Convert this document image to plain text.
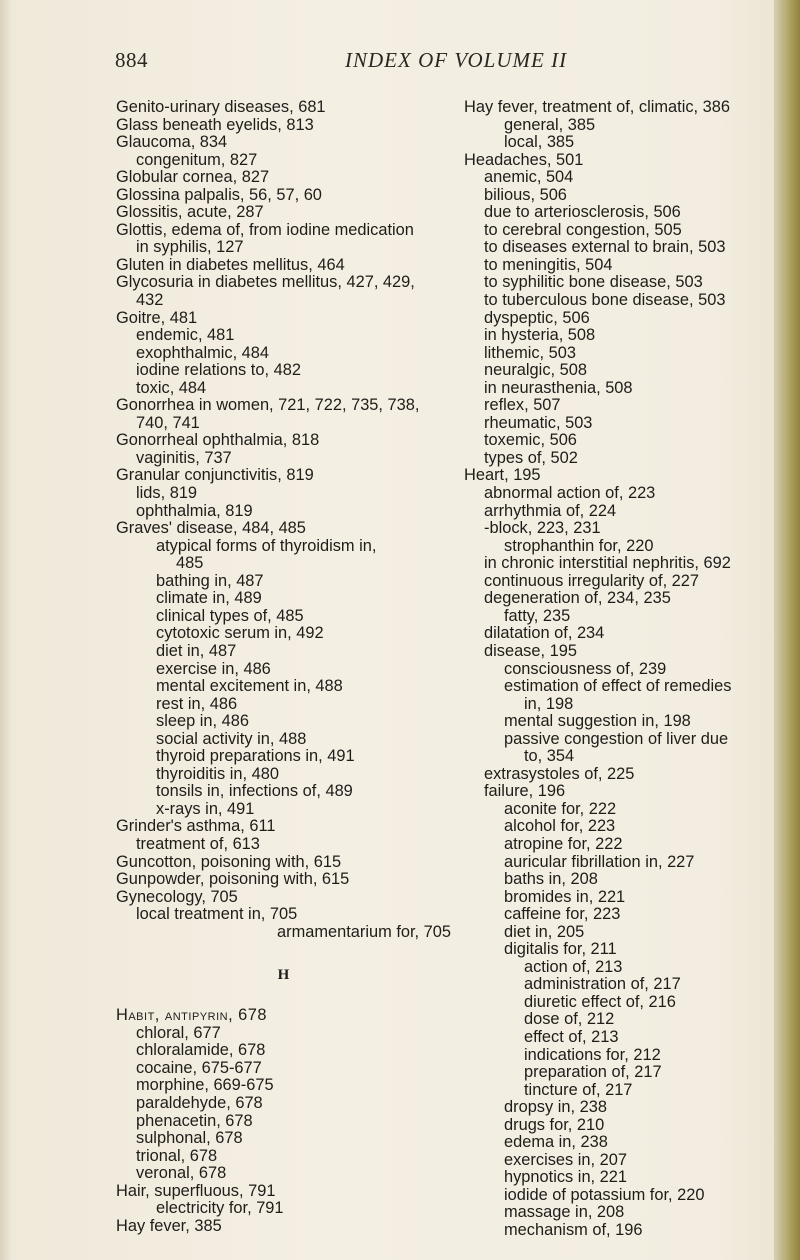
884	INDEX OF VOLUME II
Genito-urinary diseases, 681
Glass beneath eyelids, 813
Glaucoma, 834
congenitum, 827
Globular cornea, 827
Glossina palpalis, 56, 57, 60
Glossitis, acute, 287
Glottis, edema of, from iodine medication
in syphilis, 127
Gluten in diabetes mellitus, 464
Glycosuria in diabetes mellitus, 427, 429,
432
Goitre, 481
endemic, 481
exophthalmic, 484
iodine relations to, 482
toxic, 484
Gonorrhea in women, 721, 722, 735, 738,
740, 741
Gonorrheal ophthalmia, 818
vaginitis, 737
Granular conjunctivitis, 819
lids, 819
ophthalmia, 819
Graves' disease, 484, 485
atypical forms of thyroidism in,
485
bathing in, 487
climate in, 489
clinical types of, 485
cytotoxic serum in, 492
diet in, 487
exercise in, 486
mental excitement in, 488
rest in, 486
sleep in, 486
social activity in, 488
thyroid preparations in, 491
thyroiditis in, 480
tonsils in, infections of, 489
x-rays in, 491
Grinder's asthma, 611
treatment of, 613
Guncotton, poisoning with, 615
Gunpowder, poisoning with, 615
Gynecology, 705
local treatment in, 705
armamentarium for, 705
H
Habit, antipyrin, 678
chloral, 677
chloralamide, 678
cocaine, 675-677
morphine, 669-675
paraldehyde, 678
phenacetin, 678
sulphonal, 678
trional, 678
veronal, 678
Hair, superfluous, 791
electricity for, 791
Hay fever, 385
Hay fever, treatment of, climatic, 386
general, 385
local, 385
Headaches, 501
anemic, 504
bilious, 506
due to arteriosclerosis, 506
to cerebral congestion, 505
to diseases external to brain, 503
to meningitis, 504
to syphilitic bone disease, 503
to tuberculous bone disease, 503
dyspeptic, 506
in hysteria, 508
lithemic, 503
neuralgic, 508
in neurasthenia, 508
reflex, 507
rheumatic, 503
toxemic, 506
types of, 502
Heart, 195
abnormal action of, 223
arrhythmia of, 224
-block, 223, 231
strophanthin for, 220
in chronic interstitial nephritis, 692
continuous irregularity of, 227
degeneration of, 234, 235
fatty, 235
dilatation of, 234
disease, 195
consciousness of, 239
estimation of effect of remedies
in, 198
mental suggestion in, 198
passive congestion of liver due
to, 354
extrasystoles of, 225
failure, 196
aconite for, 222
alcohol for, 223
atropine for, 222
auricular fibrillation in, 227
baths in, 208
bromides in, 221
caffeine for, 223
diet in, 205
digitalis for, 211
action of, 213
administration of, 217
diuretic effect of, 216
dose of, 212
effect of, 213
indications for, 212
preparation of, 217
tincture of, 217
dropsy in, 238
drugs for, 210
edema in, 238
exercises in, 207
hypnotics in, 221
iodide of potassium for, 220
massage in, 208
mechanism of, 196
